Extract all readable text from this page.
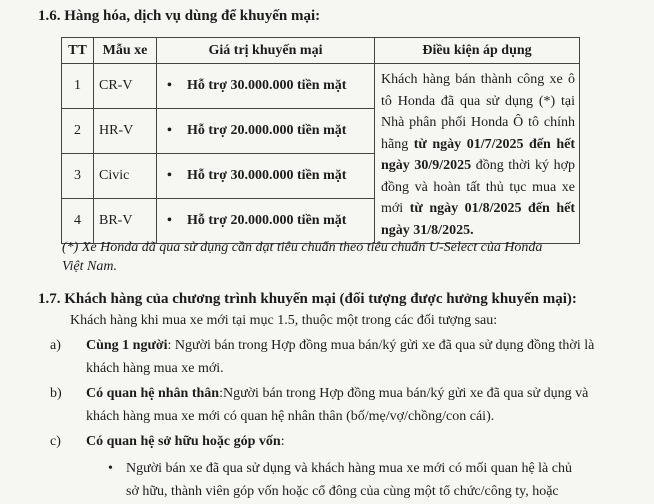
1.6. Hàng hóa, dịch vụ dùng để khuyến mại:
TT	Mẫu xe	Giá trị khuyến mại	Điều kiện áp dụng
1	CR-V	• Hỗ trợ 30.000.000 tiền mặt	Khách hàng bán thành công xe ô tô Honda đã qua sử dụng (*) tại Nhà phân phối Honda Ô tô chính hãng từ ngày 01/7/2025 đến hết ngày 30/9/2025 đồng thời ký hợp đồng và hoàn tất thủ tục mua xe mới từ ngày 01/8/2025 đến hết ngày 31/8/2025.
2	HR-V	• Hỗ trợ 20.000.000 tiền mặt	
3	Civic	• Hỗ trợ 30.000.000 tiền mặt	
4	BR-V	• Hỗ trợ 20.000.000 tiền mặt	
(*) Xe Honda đã qua sử dụng cần đạt tiêu chuẩn theo tiêu chuẩn U-Select của Honda
Việt Nam.
1.7. Khách hàng của chương trình khuyến mại (đối tượng được hưởng khuyến mại):
Khách hàng khi mua xe mới tại mục 1.5, thuộc một trong các đối tượng sau:
a) Cùng 1 người: Người bán trong Hợp đồng mua bán/ký gửi xe đã qua sử dụng đồng thời là
khách hàng mua xe mới.
b) Có quan hệ nhân thân:Người bán trong Hợp đồng mua bán/ký gửi xe đã qua sử dụng và
khách hàng mua xe mới có quan hệ nhân thân (bố/mẹ/vợ/chồng/con cái).
c) Có quan hệ sở hữu hoặc góp vốn:
• Người bán xe đã qua sử dụng và khách hàng mua xe mới có mối quan hệ là chủ
sở hữu, thành viên góp vốn hoặc cổ đông của cùng một tổ chức/công ty, hoặc
